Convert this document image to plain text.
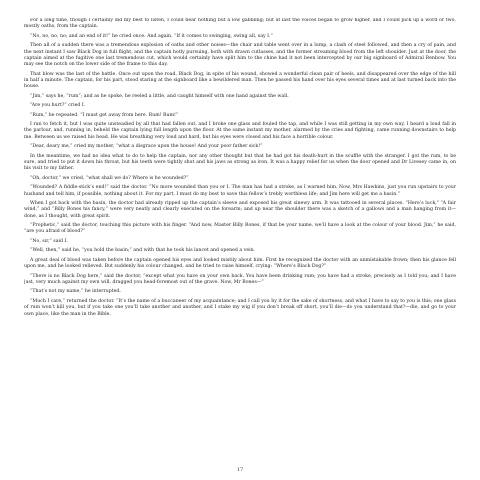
For a long time, though I certainly did my best to listen, I could hear nothing but a low gabbling; but at last the voices began to grow higher, and I could pick up a word or two, mostly oaths, from the captain.

“No, no, no, no; and an end of it!” he cried once. And again, “If it comes to swinging, swing all, say I.”

Then all of a sudden there was a tremendous explosion of oaths and other noises—the chair and table went over in a lump, a clash of steel followed, and then a cry of pain, and the next instant I saw Black Dog in full flight, and the captain hotly pursuing, both with drawn cutlasses, and the former streaming blood from the left shoulder. Just at the door, the captain aimed at the fugitive one last tremendous cut, which would certainly have split him to the chine had it not been intercepted by our big signboard of Admiral Benbow. You may see the notch on the lower side of the frame to this day.

That blow was the last of the battle. Once out upon the road, Black Dog, in spite of his wound, showed a wonderful clean pair of heels, and disappeared over the edge of the hill in half a minute. The captain, for his part, stood staring at the signboard like a bewildered man. Then he passed his hand over his eyes several times and at last turned back into the house.

“Jim,” says he, “rum”; and as he spoke, he reeled a little, and caught himself with one hand against the wall.

“Are you hurt?” cried I.

“Rum,” he repeated. “I must get away from here. Rum! Rum!”

I ran to fetch it, but I was quite unsteadied by all that had fallen out, and I broke one glass and fouled the tap, and while I was still getting in my own way, I heard a loud fall in the parlour, and, running in, beheld the captain lying full length upon the floor. At the same instant my mother, alarmed by the cries and fighting, came running downstairs to help me. Between us we raised his head. He was breathing very loud and hard, but his eyes were closed and his face a horrible colour.

“Dear, deary me,” cried my mother, “what a disgrace upon the house! And your poor father sick!”

In the meantime, we had no idea what to do to help the captain, nor any other thought but that he had got his death-hurt in the scuffle with the stranger. I got the rum, to be sure, and tried to put it down his throat, but his teeth were tightly shut and his jaws as strong as iron. It was a happy relief for us when the door opened and Dr Livesey came in, on his visit to my father.

“Oh, doctor,” we cried, “what shall we do? Where is he wounded?”

“Wounded? A fiddle-stick’s end!” said the doctor. “No more wounded than you or I. The man has had a stroke, as I warned him. Now, Mrs Hawkins, just you run upstairs to your husband and tell him, if possible, nothing about it. For my part, I must do my best to save this fellow’s trebly worthless life; and Jim here will get me a basin.”

When I got back with the basin, the doctor had already ripped up the captain’s sleeve and exposed his great sinewy arm. It was tattooed in several places. “Here’s luck,” “A fair wind,” and “Billy Bones his fancy,” were very neatly and clearly executed on the forearm; and up near the shoulder there was a sketch of a gallows and a man hanging from it—done, as I thought, with great spirit.

“Prophetic,” said the doctor, touching this picture with his finger. “And now, Master Billy Bones, if that be your name, we’ll have a look at the colour of your blood. Jim,” he said, “are you afraid of blood?”

“No, sir,” said I.

“Well, then,” said he, “you hold the basin;” and with that he took his lancet and opened a vein.

A great deal of blood was taken before the captain opened his eyes and looked mistily about him. First he recognized the doctor with an unmistakable frown; then his glance fell upon me, and he looked relieved. But suddenly his colour changed, and he tried to raise himself, crying: “Where’s Black Dog?”

“There is no Black Dog here,” said the doctor, “except what you have on your own back. You have been drinking rum; you have had a stroke, precisely as I told you; and I have just, very much against my own will, dragged you head-foremost out of the grave. Now, Mr Bones—”

“That’s not my name,” he interrupted.

“Much I care,” returned the doctor. “It’s the name of a buccaneer of my acquaintance; and I call you by it for the sake of shortness, and what I have to say to you is this; one glass of rum won’t kill you, but if you take one you’ll take another and another, and I stake my wig if you don’t break off short, you’ll die—do you understand that?—die, and go to your own place, like the man in the Bible.

17
